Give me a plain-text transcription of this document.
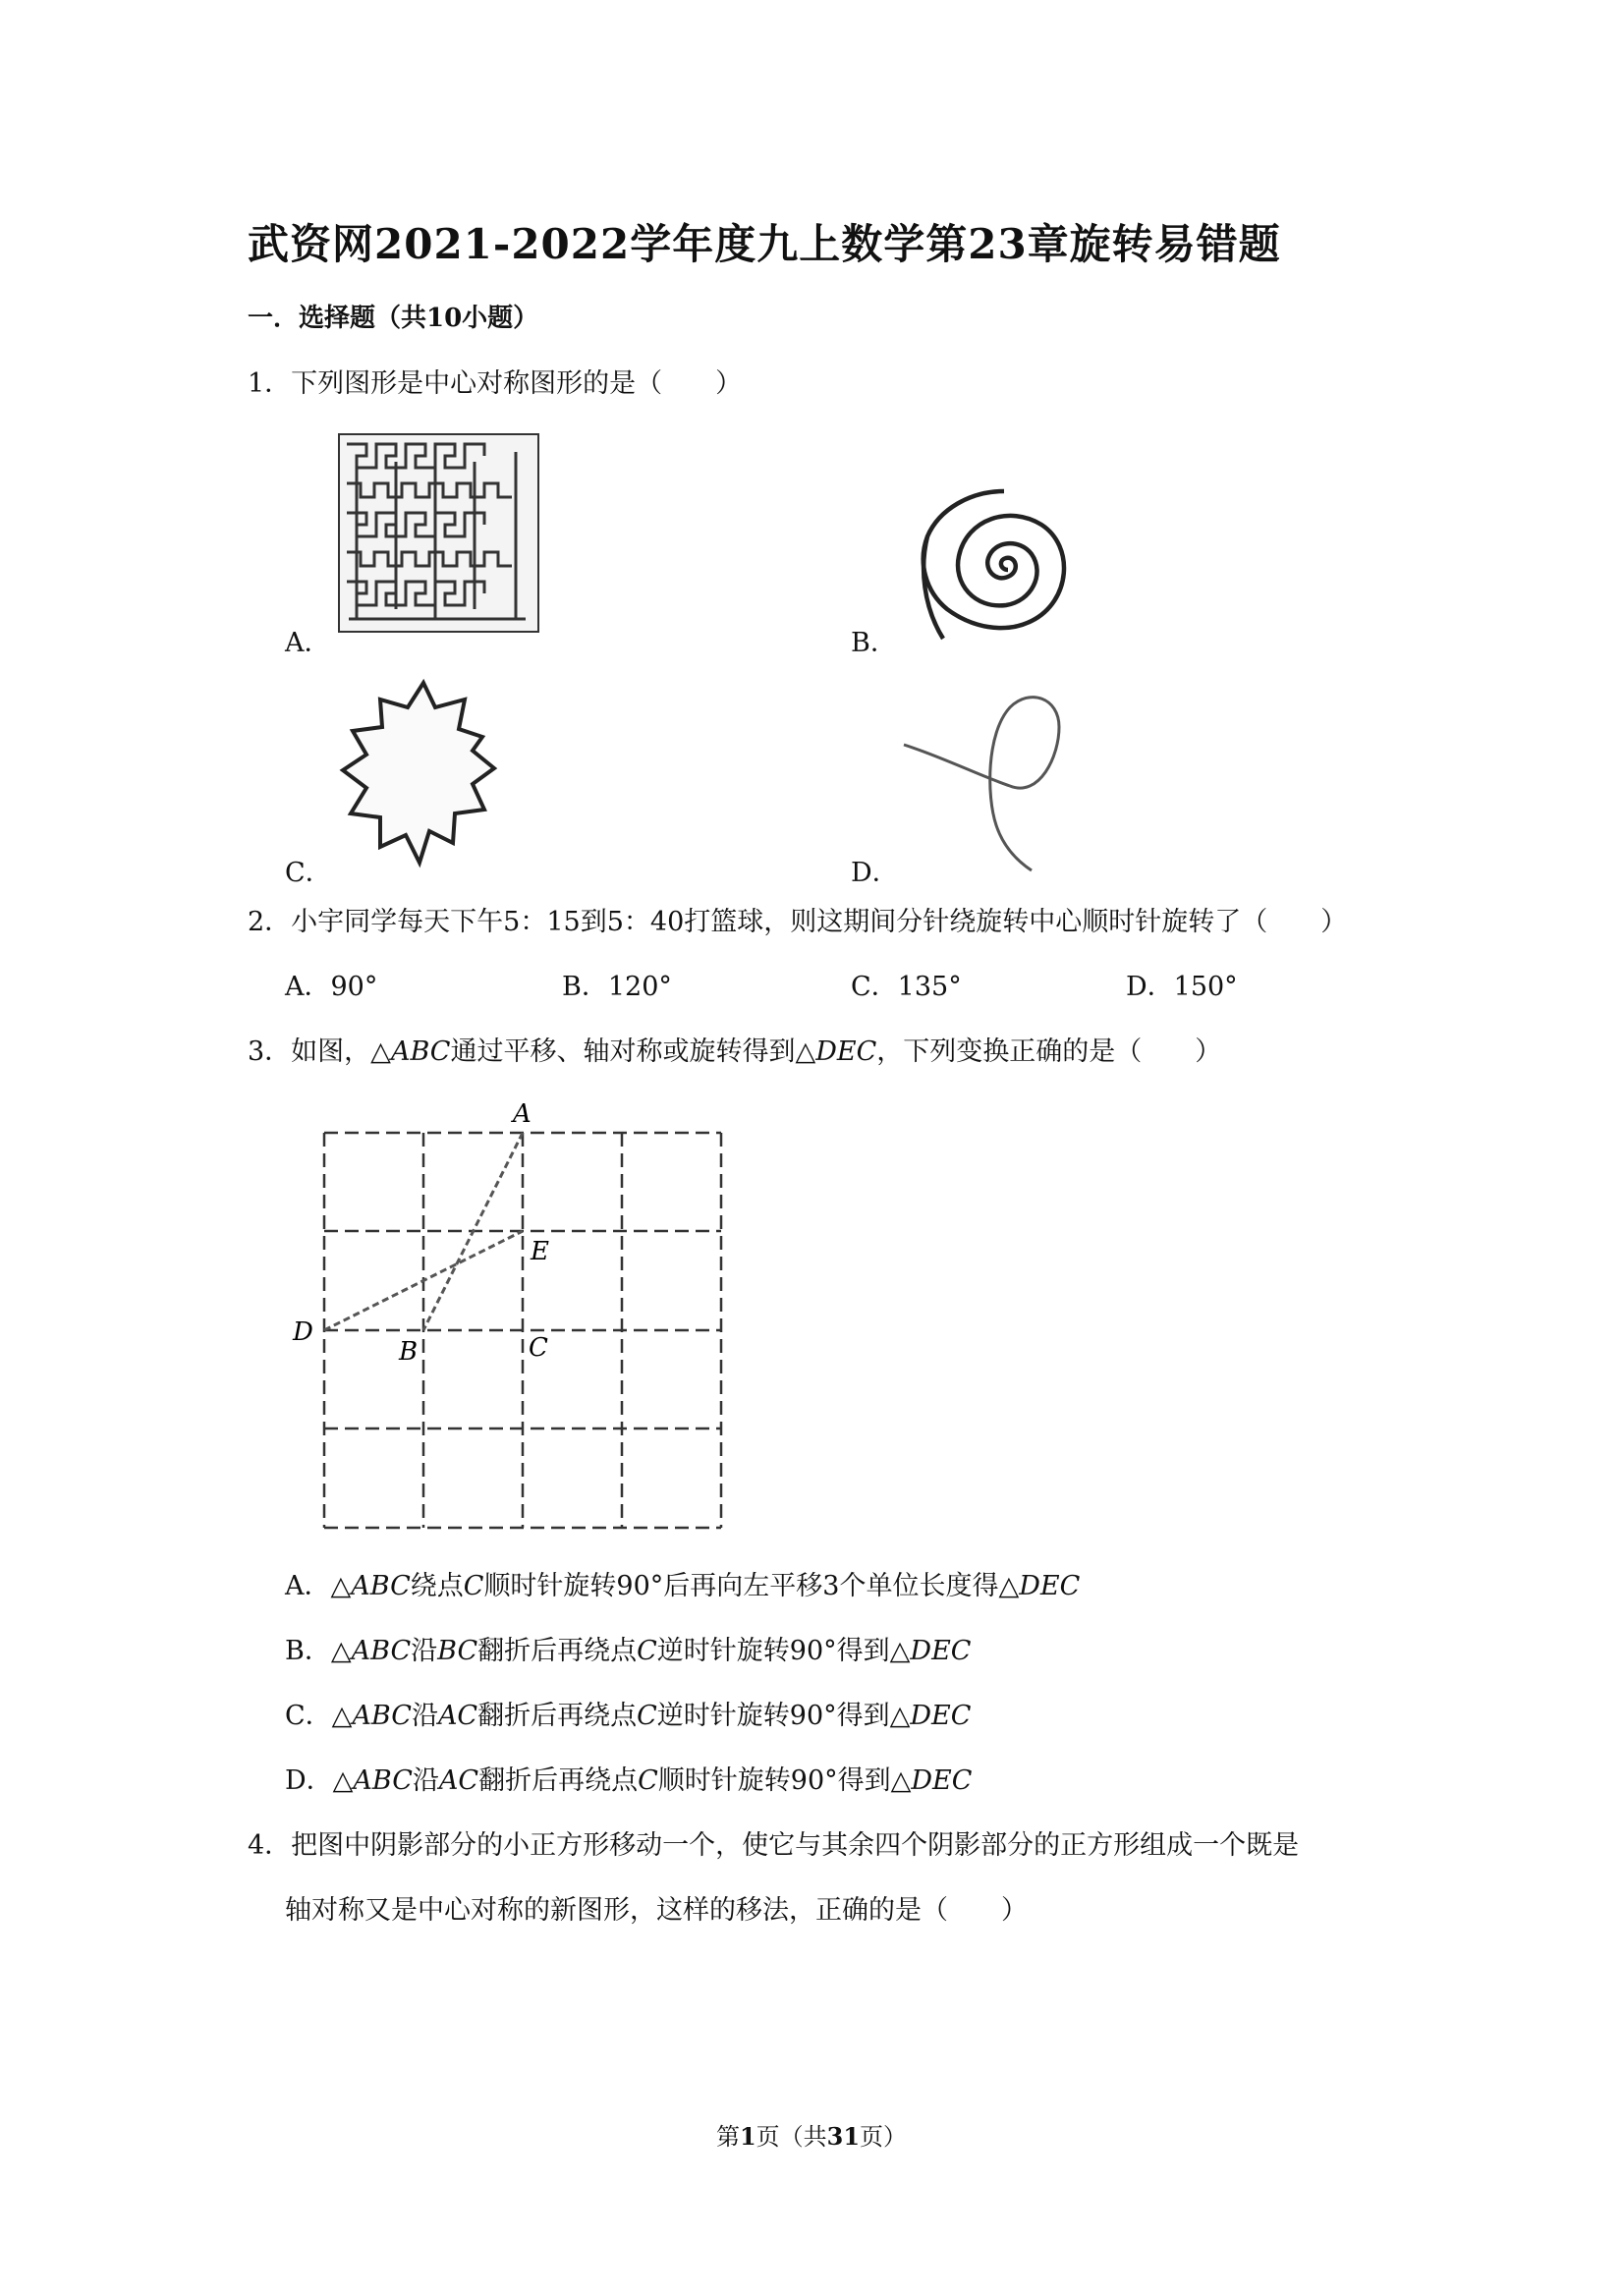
武资网2021-2022学年度九上数学第23章旋转易错题
一．选择题（共10小题）
1．下列图形是中心对称图形的是（　　）
A．	B．
C．	D．
2．小宇同学每天下午5：15到5：40打篮球，则这期间分针绕旋转中心顺时针旋转了（　　）
A．90°	B．120°	C．135°	D．150°
3．如图，△ABC通过平移、轴对称或旋转得到△DEC，下列变换正确的是（　　）
A
E
D
B	C
A．△ABC绕点C顺时针旋转90°后再向左平移3个单位长度得△DEC
B．△ABC沿BC翻折后再绕点C逆时针旋转90°得到△DEC
C．△ABC沿AC翻折后再绕点C逆时针旋转90°得到△DEC
D．△ABC沿AC翻折后再绕点C顺时针旋转90°得到△DEC
4．把图中阴影部分的小正方形移动一个，使它与其余四个阴影部分的正方形组成一个既是
轴对称又是中心对称的新图形，这样的移法，正确的是（　　）
第1页（共31页）
